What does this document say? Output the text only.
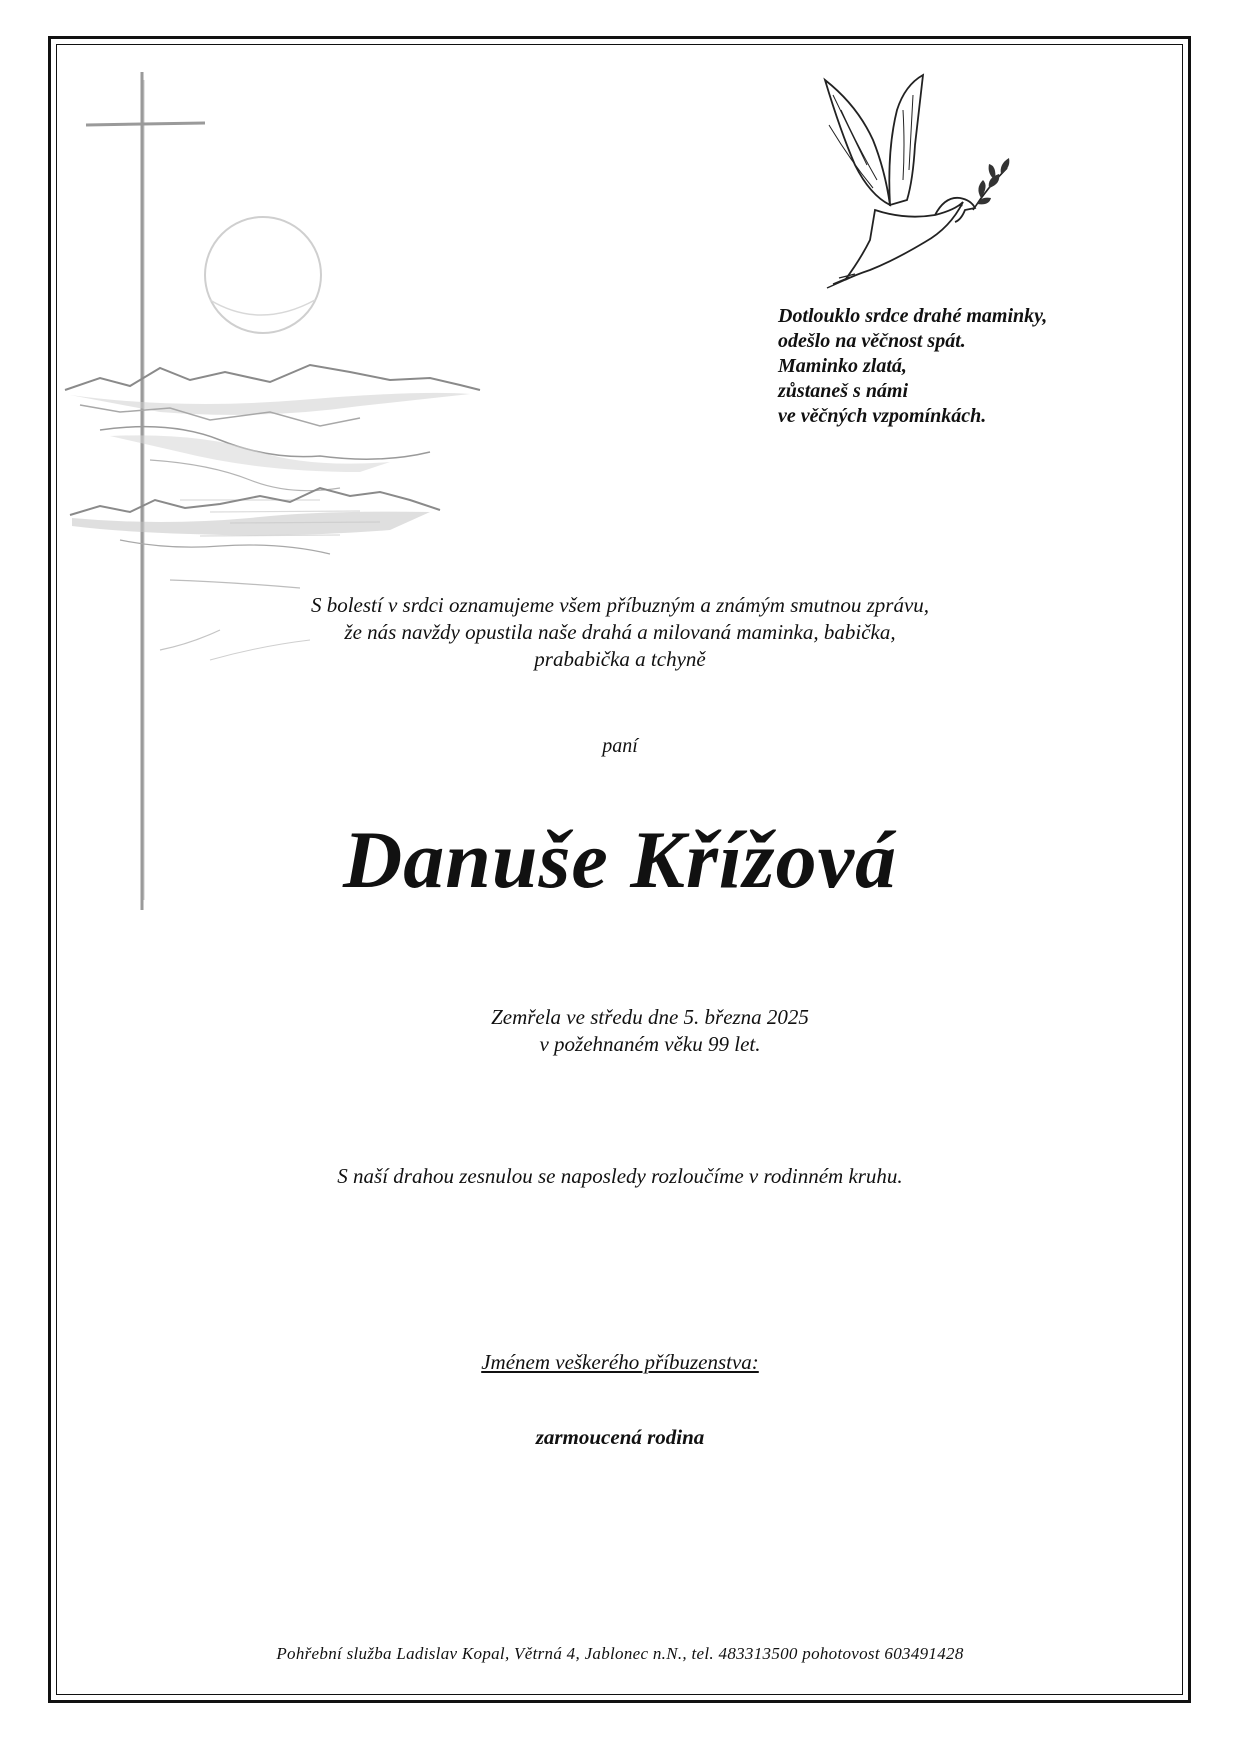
Dotlouklo srdce drahé maminky,
odešlo na věčnost spát.
Maminko zlatá,
zůstaneš s námi
ve věčných vzpomínkách.
S bolestí v srdci oznamujeme všem příbuzným a známým smutnou zprávu,
že nás navždy opustila naše drahá a milovaná maminka, babička,
prababička a tchyně
paní
Danuše Křížová
Zemřela ve středu dne 5. března 2025
v požehnaném věku 99 let.
S naší drahou zesnulou se naposledy rozloučíme v rodinném kruhu.
Jménem veškerého příbuzenstva:
zarmoucená rodina
Pohřební služba Ladislav Kopal, Větrná 4, Jablonec n.N., tel. 483313500 pohotovost 603491428
